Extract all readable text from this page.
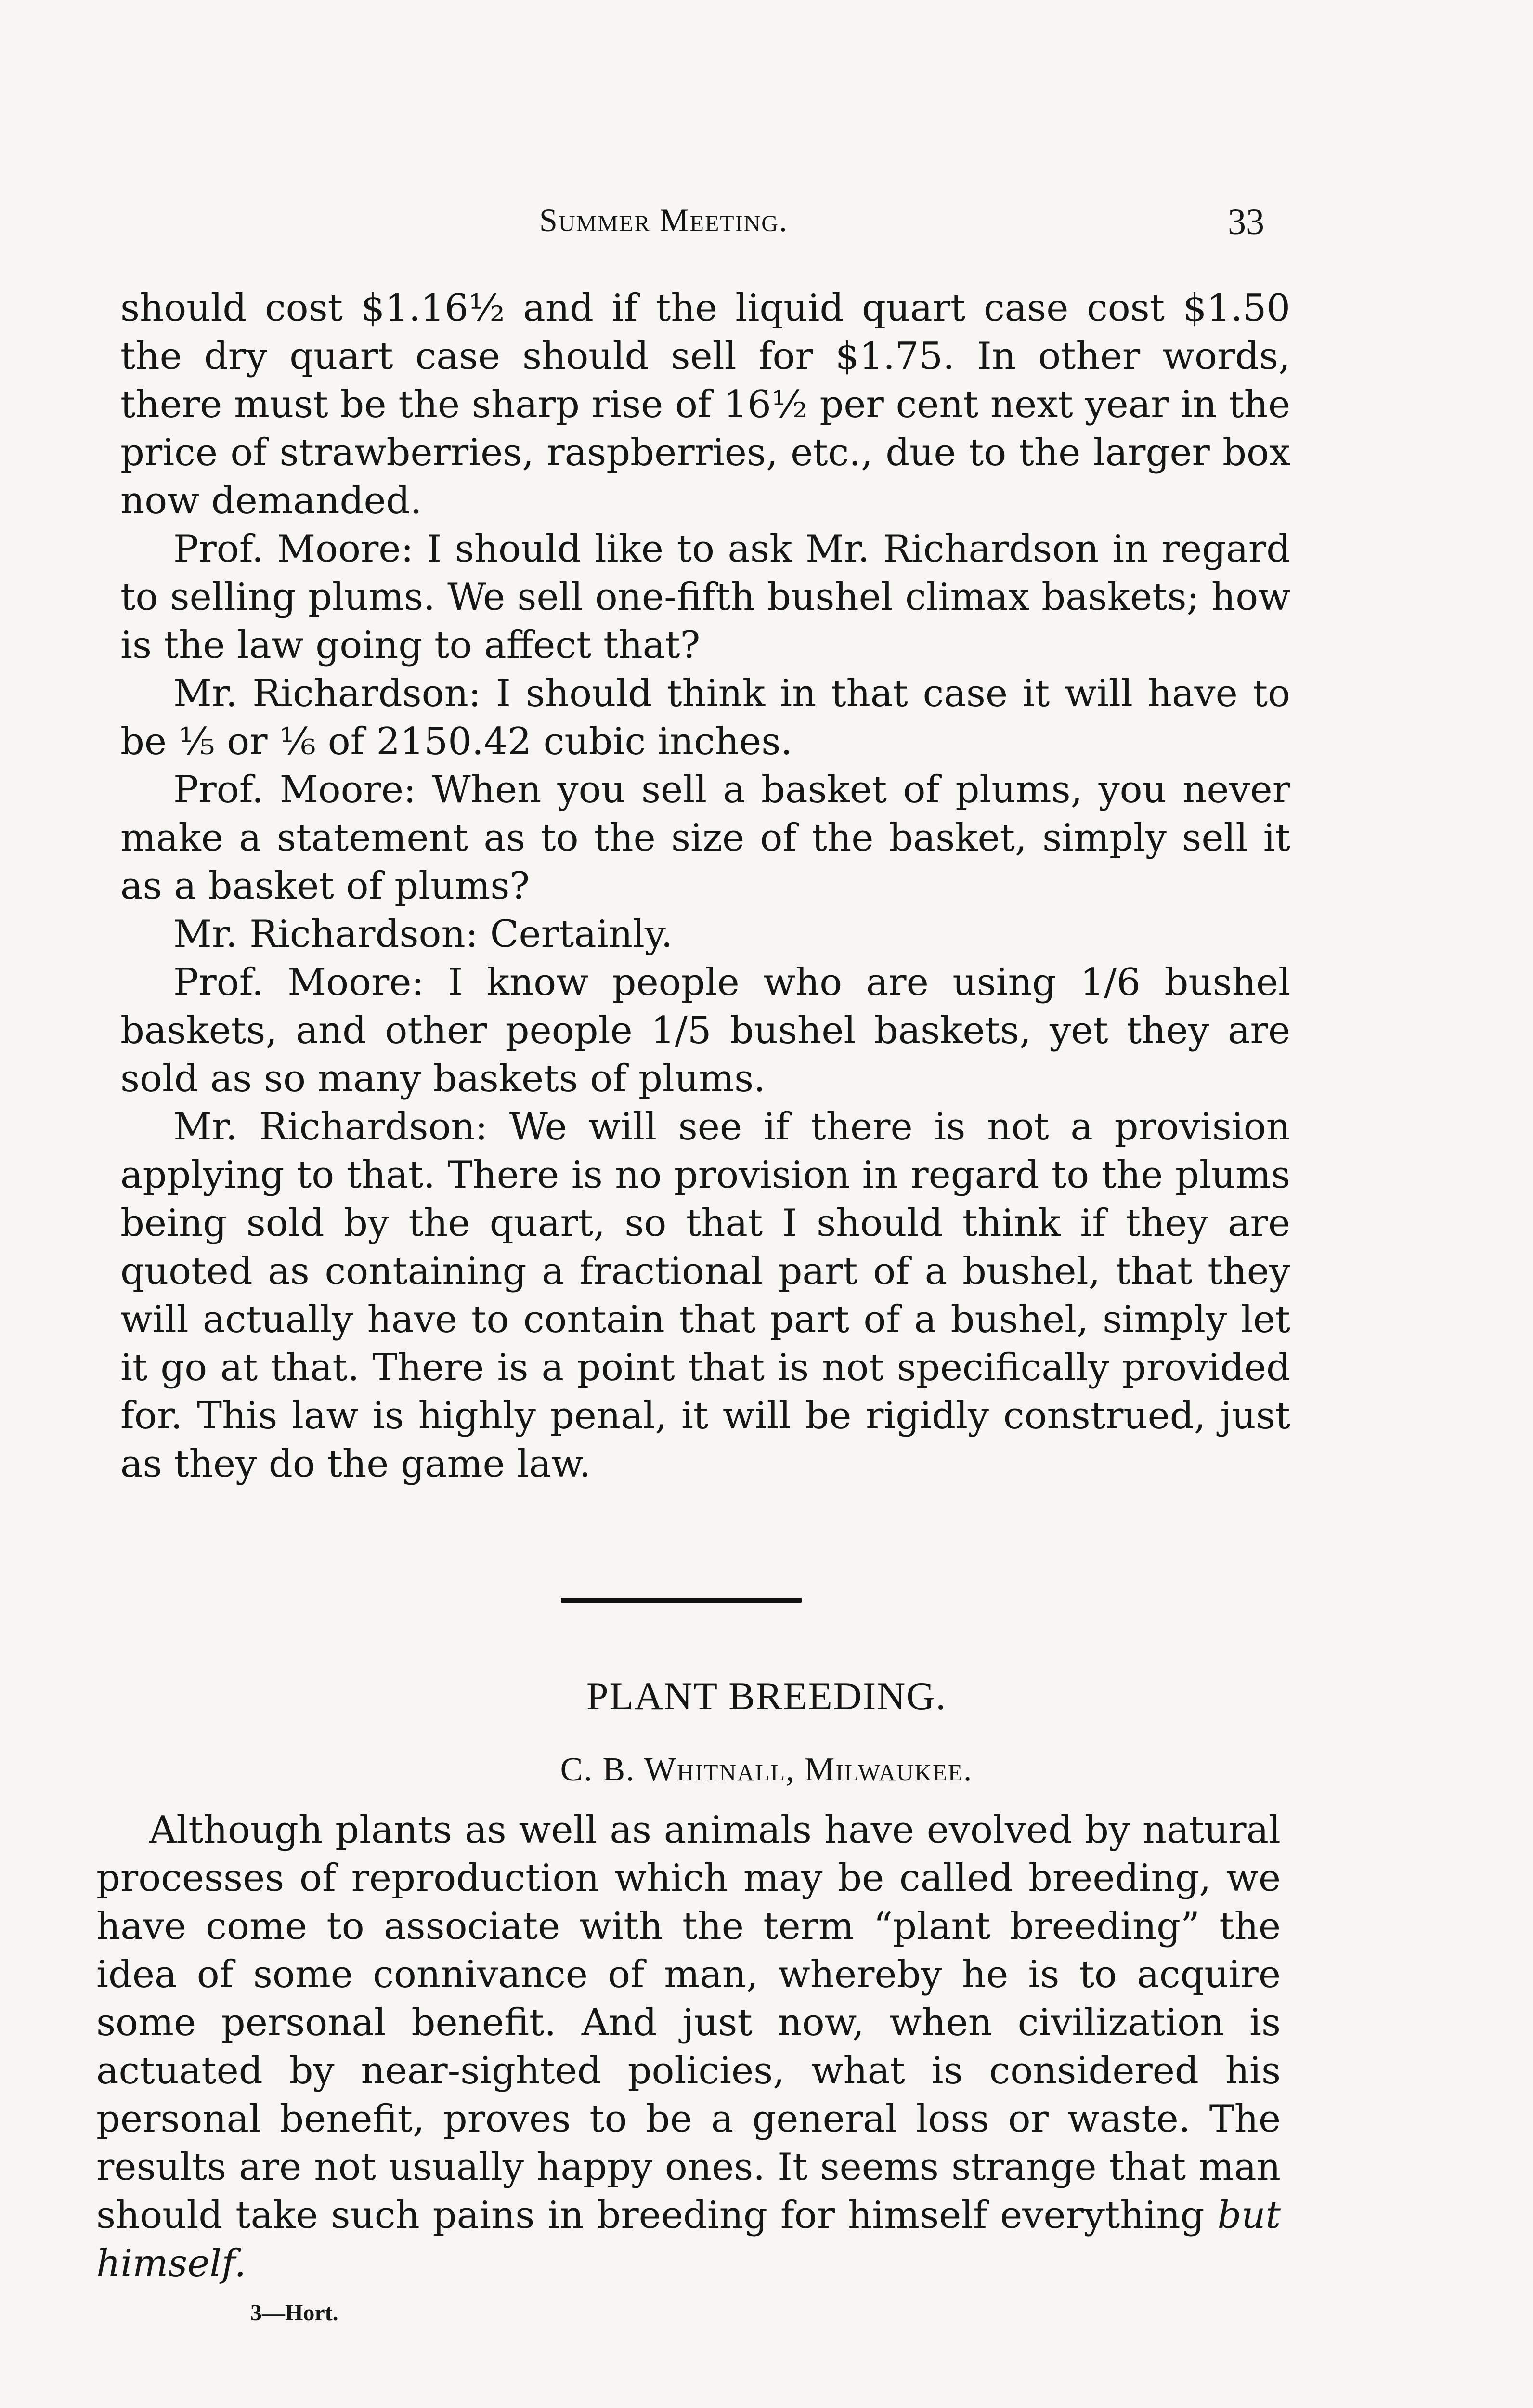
Summer Meeting.	33

should cost $1.16½ and if the liquid quart case cost $1.50 the dry quart case should sell for $1.75. In other words, there must be the sharp rise of 16½ per cent next year in the price of strawberries, raspberries, etc., due to the larger box now demanded.

Prof. Moore: I should like to ask Mr. Richardson in regard to selling plums. We sell one-fifth bushel climax baskets; how is the law going to affect that?

Mr. Richardson: I should think in that case it will have to be ⅕ or ⅙ of 2150.42 cubic inches.

Prof. Moore: When you sell a basket of plums, you never make a statement as to the size of the basket, simply sell it as a basket of plums?

Mr. Richardson: Certainly.

Prof. Moore: I know people who are using 1/6 bushel baskets, and other people 1/5 bushel baskets, yet they are sold as so many baskets of plums.

Mr. Richardson: We will see if there is not a provision applying to that. There is no provision in regard to the plums being sold by the quart, so that I should think if they are quoted as containing a fractional part of a bushel, that they will actually have to contain that part of a bushel, simply let it go at that. There is a point that is not specifically provided for. This law is highly penal, it will be rigidly construed, just as they do the game law.

PLANT BREEDING.
C. B. Whitnall, Milwaukee.

Although plants as well as animals have evolved by natural processes of reproduction which may be called breeding, we have come to associate with the term “plant breeding” the idea of some connivance of man, whereby he is to acquire some personal benefit. And just now, when civilization is actuated by near-sighted policies, what is considered his personal benefit, proves to be a general loss or waste. The results are not usually happy ones. It seems strange that man should take such pains in breeding for himself everything but himself.

3—Hort.
